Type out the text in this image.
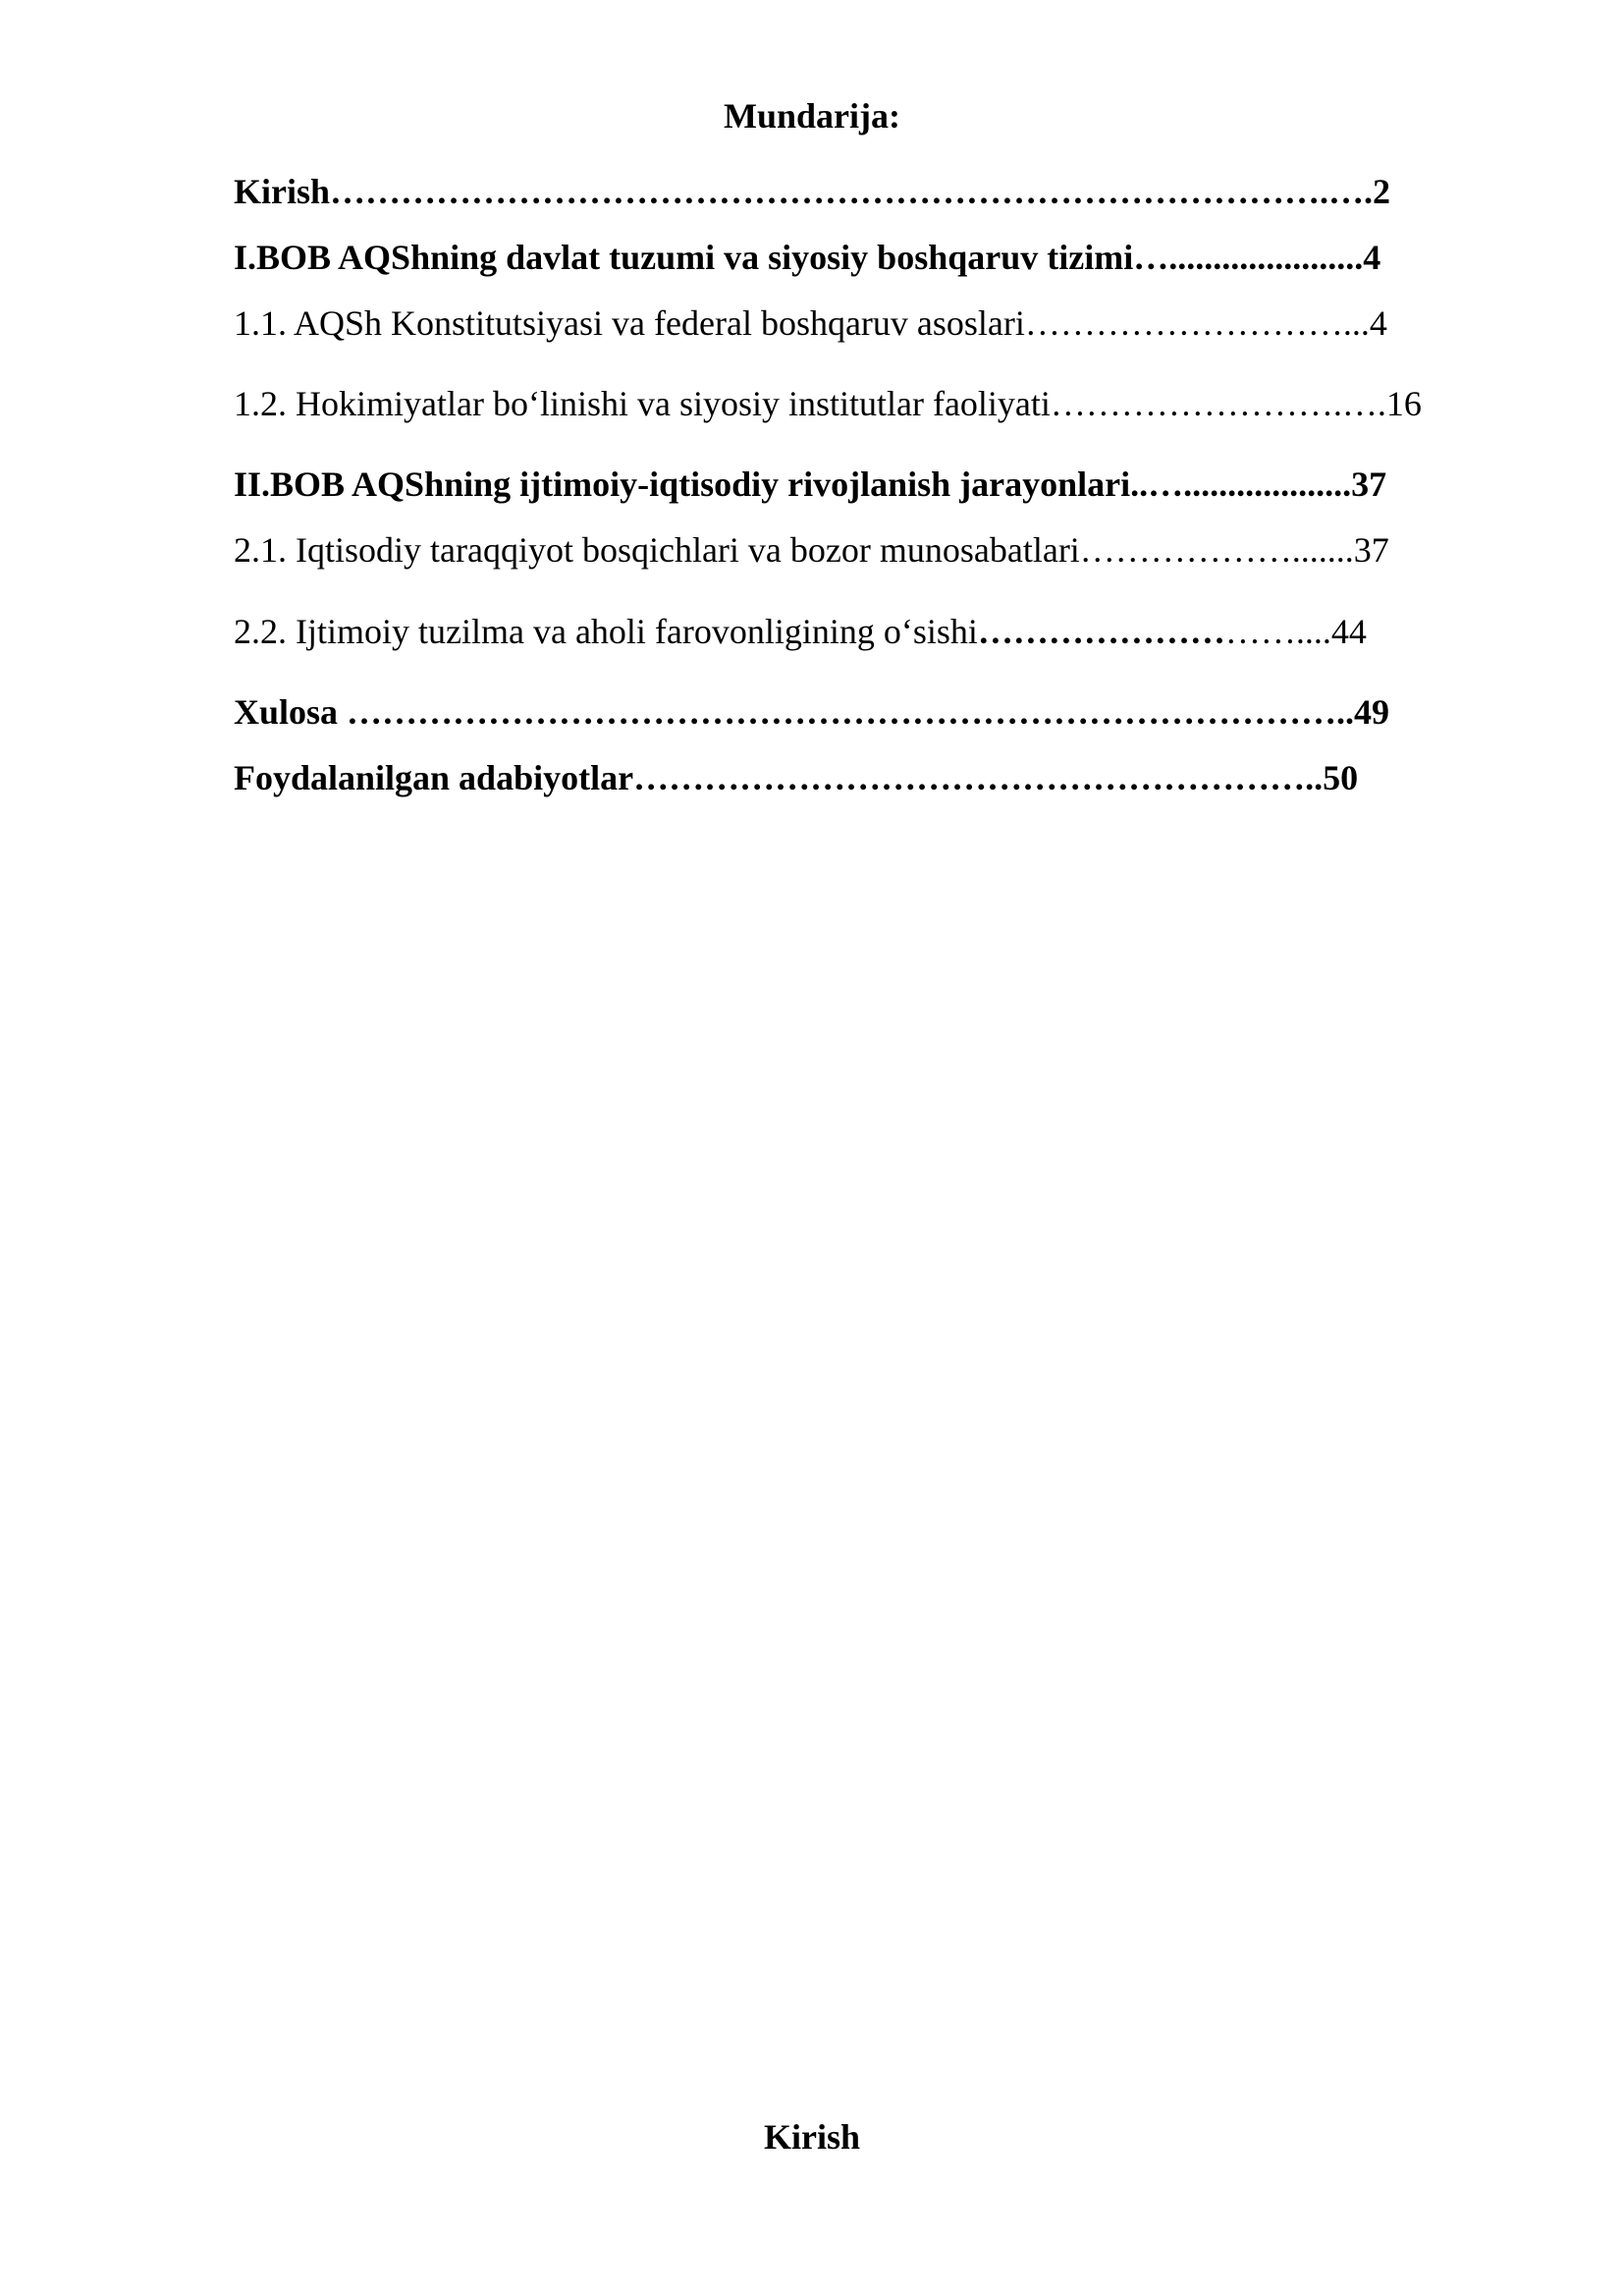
Mundarija:
Kirish………………………………………………………………………….….2
I.BOB AQShning davlat tuzumi va siyosiy boshqaruv tizimi…......................4
1.1. AQSh Konstitutsiyasi va federal boshqaruv asoslari………………………...4
1.2. Hokimiyatlar bo‘linishi va siyosiy institutlar faoliyati…………………….….16
II.BOB AQShning ijtimoiy-iqtisodiy rivojlanish jarayonlari..…...................37
2.1. Iqtisodiy taraqqiyot bosqichlari va bozor munosabatlari……………….......37
2.2. Ijtimoiy tuzilma va aholi farovonligining o‘sishi………………………....44
Xulosa …………………………………………………………………………..49
Foydalanilgan adabiyotlar…………………………………………………..50
Kirish
